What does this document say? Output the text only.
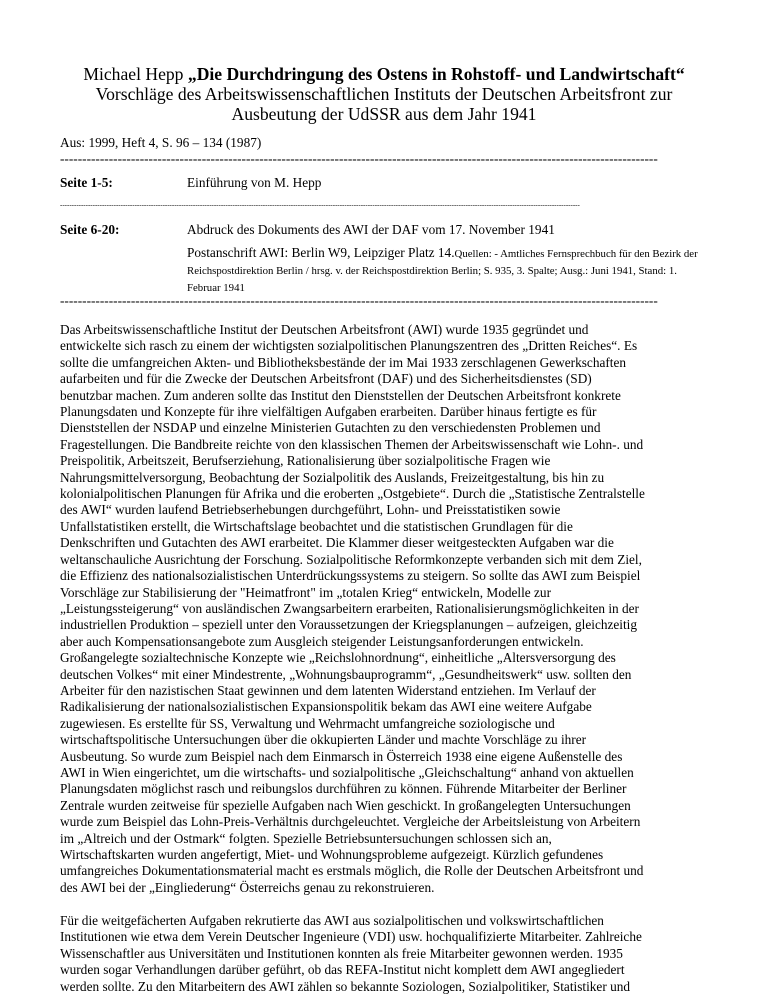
Michael Hepp „Die Durchdringung des Ostens in Rohstoff- und Landwirtschaft“
Vorschläge des Arbeitswissenschaftlichen Instituts der Deutschen Arbeitsfront zur
Ausbeutung der UdSSR aus dem Jahr 1941
Aus: 1999, Heft 4, S. 96 – 134 (1987)
---------------------------------------------------------------------------------------------------------------------------------------
Seite 1-5:	Einführung von M. Hepp
-------------------------------------------------------------------------------------------------------------------------------------------------------------------------------------------------------------------------------
Seite 6-20:	Abdruck des Dokuments des AWI der DAF vom 17. November 1941
Postanschrift AWI: Berlin W9, Leipziger Platz 14.Quellen: - Amtliches Fernsprechbuch für den Bezirk der Reichspostdirektion Berlin / hrsg. v. der Reichspostdirektion Berlin; S. 935, 3. Spalte; Ausg.: Juni 1941, Stand: 1. Februar 1941
---------------------------------------------------------------------------------------------------------------------------------------
Das Arbeitswissenschaftliche Institut der Deutschen Arbeitsfront (AWI) wurde 1935 gegründet und
entwickelte sich rasch zu einem der wichtigsten sozialpolitischen Planungszentren des „Dritten Reiches“. Es
sollte die umfangreichen Akten- und Bibliotheksbestände der im Mai 1933 zerschlagenen Gewerkschaften
aufarbeiten und für die Zwecke der Deutschen Arbeitsfront (DAF) und des Sicherheitsdienstes (SD)
benutzbar machen. Zum anderen sollte das Institut den Dienststellen der Deutschen Arbeitsfront konkrete
Planungsdaten und Konzepte für ihre vielfältigen Aufgaben erarbeiten. Darüber hinaus fertigte es für
Dienststellen der NSDAP und einzelne Ministerien Gutachten zu den verschiedensten Problemen und
Fragestellungen. Die Bandbreite reichte von den klassischen Themen der Arbeitswissenschaft wie Lohn-. und
Preispolitik, Arbeitszeit, Berufserziehung, Rationalisierung über sozialpolitische Fragen wie
Nahrungsmittelversorgung, Beobachtung der Sozialpolitik des Auslands, Freizeitgestaltung, bis hin zu
kolonialpolitischen Planungen für Afrika und die eroberten „Ostgebiete“. Durch die „Statistische Zentralstelle
des AWI“ wurden laufend Betriebserhebungen durchgeführt, Lohn- und Preisstatistiken sowie
Unfallstatistiken erstellt, die Wirtschaftslage beobachtet und die statistischen Grundlagen für die
Denkschriften und Gutachten des AWI erarbeitet. Die Klammer dieser weitgesteckten Aufgaben war die
weltanschauliche Ausrichtung der Forschung. Sozialpolitische Reformkonzepte verbanden sich mit dem Ziel,
die Effizienz des nationalsozialistischen Unterdrückungssystems zu steigern. So sollte das AWI zum Beispiel
Vorschläge zur Stabilisierung der "Heimatfront" im „totalen Krieg“ entwickeln, Modelle zur
„Leistungssteigerung“ von ausländischen Zwangsarbeitern erarbeiten, Rationalisierungsmöglichkeiten in der
industriellen Produktion – speziell unter den Voraussetzungen der Kriegsplanungen – aufzeigen, gleichzeitig
aber auch Kompensationsangebote zum Ausgleich steigender Leistungsanforderungen entwickeln.
Großangelegte sozialtechnische Konzepte wie „Reichslohnordnung“, einheitliche „Altersversorgung des
deutschen Volkes“ mit einer Mindestrente, „Wohnungsbauprogramm“, „Gesundheitswerk“ usw. sollten den
Arbeiter für den nazistischen Staat gewinnen und dem latenten Widerstand entziehen. Im Verlauf der
Radikalisierung der nationalsozialistischen Expansionspolitik bekam das AWI eine weitere Aufgabe
zugewiesen. Es erstellte für SS, Verwaltung und Wehrmacht umfangreiche soziologische und
wirtschaftspolitische Untersuchungen über die okkupierten Länder und machte Vorschläge zu ihrer
Ausbeutung. So wurde zum Beispiel nach dem Einmarsch in Österreich 1938 eine eigene Außenstelle des
AWI in Wien eingerichtet, um die wirtschafts- und sozialpolitische „Gleichschaltung“ anhand von aktuellen
Planungsdaten möglichst rasch und reibungslos durchführen zu können. Führende Mitarbeiter der Berliner
Zentrale wurden zeitweise für spezielle Aufgaben nach Wien geschickt. In großangelegten Untersuchungen
wurde zum Beispiel das Lohn-Preis-Verhältnis durchgeleuchtet. Vergleiche der Arbeitsleistung von Arbeitern
im „Altreich und der Ostmark“ folgten. Spezielle Betriebsuntersuchungen schlossen sich an,
Wirtschaftskarten wurden angefertigt, Miet- und Wohnungsprobleme aufgezeigt. Kürzlich gefundenes
umfangreiches Dokumentationsmaterial macht es erstmals möglich, die Rolle der Deutschen Arbeitsfront und
des AWI bei der „Eingliederung“ Österreichs genau zu rekonstruieren.
Für die weitgefächerten Aufgaben rekrutierte das AWI aus sozialpolitischen und volkswirtschaftlichen
Institutionen wie etwa dem Verein Deutscher Ingenieure (VDI) usw. hochqualifizierte Mitarbeiter. Zahlreiche
Wissenschaftler aus Universitäten und Institutionen konnten als freie Mitarbeiter gewonnen werden. 1935
wurden sogar Verhandlungen darüber geführt, ob das REFA-Institut nicht komplett dem AWI angegliedert
werden sollte. Zu den Mitarbeitern des AWI zählen so bekannte Soziologen, Sozialpolitiker, Statistiker und
